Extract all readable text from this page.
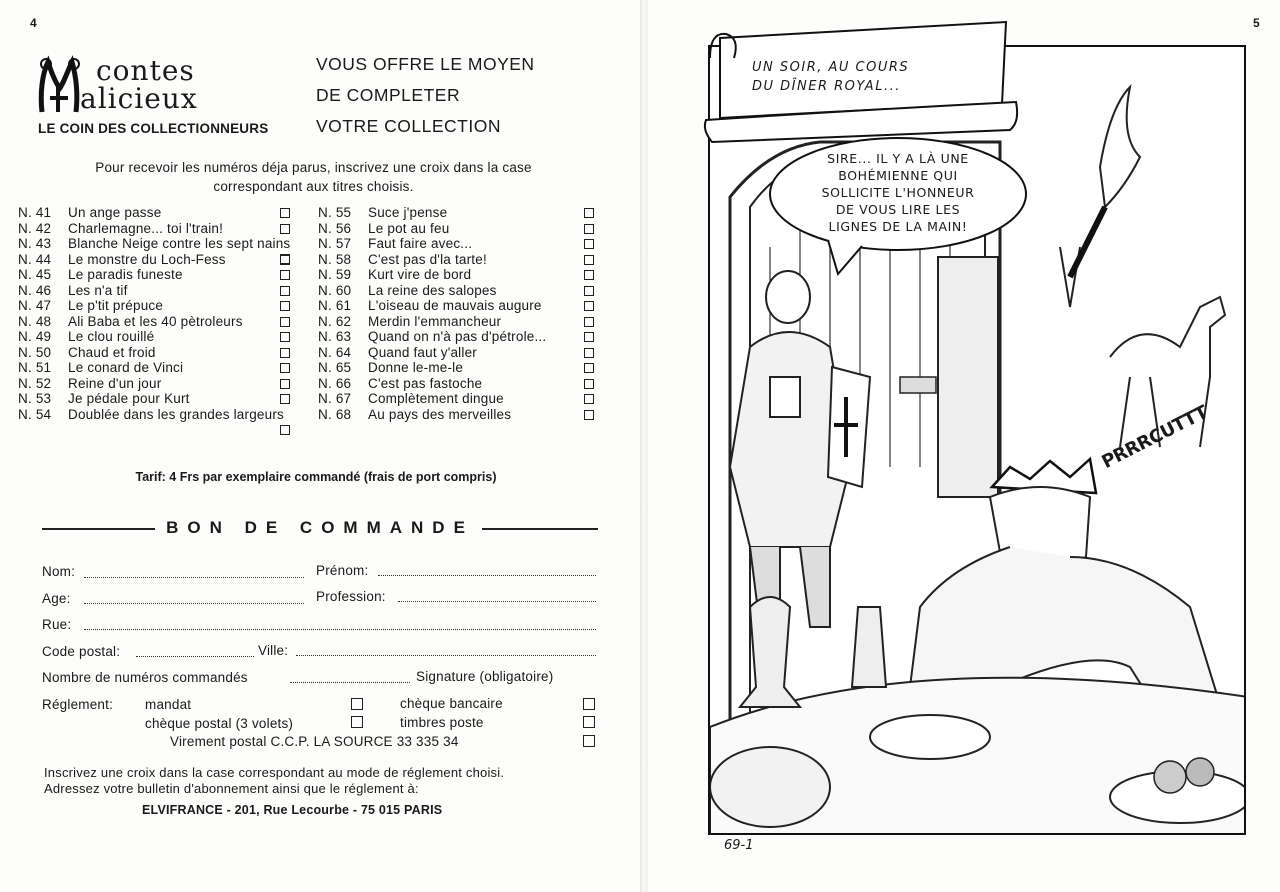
4
contes
alicieux
LE COIN DES COLLECTIONNEURS
VOUS OFFRE LE MOYEN
DE COMPLETER
VOTRE COLLECTION
Pour recevoir les numéros déja parus, inscrivez une croix dans la case
correspondant aux titres choisis.
N. 41	Un ange passe
N. 42	Charlemagne... toi l'train!
N. 43	Blanche Neige contre les sept nains
N. 44	Le monstre du Loch-Fess
N. 45	Le paradis funeste
N. 46	Les n'a tif
N. 47	Le p'tit prépuce
N. 48	Ali Baba et les 40 pètroleurs
N. 49	Le clou rouillé
N. 50	Chaud et froid
N. 51	Le conard de Vinci
N. 52	Reine d'un jour
N. 53	Je pédale pour Kurt
N. 54	Doublée dans les grandes largeurs
N. 55	Suce j'pense
N. 56	Le pot au feu
N. 57	Faut faire avec...
N. 58	C'est pas d'la tarte!
N. 59	Kurt vire de bord
N. 60	La reine des salopes
N. 61	L'oiseau de mauvais augure
N. 62	Merdin l'emmancheur
N. 63	Quand on n'à pas d'pétrole...
N. 64	Quand faut y'aller
N. 65	Donne le-me-le
N. 66	C'est pas fastoche
N. 67	Complètement dingue
N. 68	Au pays des merveilles
Tarif: 4 Frs par exemplaire commandé (frais de port compris)
BON DE COMMANDE
Nom:	Prénom:
Age:	Profession:
Rue:
Code postal:	Ville:
Nombre de numéros commandés	Signature (obligatoire)
Réglement: mandat	chèque bancaire
chèque postal (3 volets)	timbres poste
Virement postal C.C.P. LA SOURCE 33 335 34
Inscrivez une croix dans la case correspondant au mode de réglement choisi.
Adressez votre bulletin d'abonnement ainsi que le réglement à:
ELVIFRANCE - 201, Rue Lecourbe - 75 015 PARIS
5
UN SOIR, AU COURS
DU DÎNER ROYAL...
SIRE... IL Y A LÀ UNE
BOHÉMIENNE QUI
SOLLICITE L'HONNEUR
DE VOUS LIRE LES
LIGNES DE LA MAIN!
PRRRCUTTT
69-1
